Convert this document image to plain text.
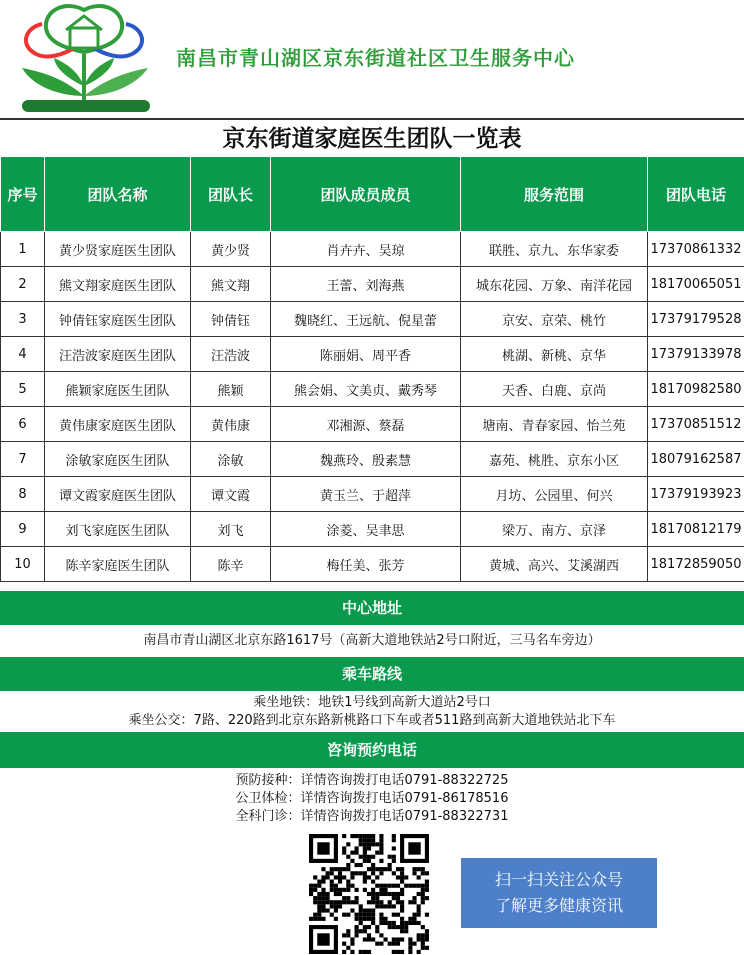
南昌市青山湖区京东街道社区卫生服务中心
京东街道家庭医生团队一览表
序号	团队名称	团队长	团队成员成员	服务范围	团队电话
1	黄少贤家庭医生团队	黄少贤	肖卉卉、吴琼	联胜、京九、东华家委	17370861332
2	熊文翔家庭医生团队	熊文翔	王蕾、刘海燕	城东花园、万象、南洋花园	18170065051
3	钟倩钰家庭医生团队	钟倩钰	魏晓红、王远航、倪星蕾	京安、京荣、桃竹	17379179528
4	汪浩波家庭医生团队	汪浩波	陈丽娟、周平香	桃湖、新桃、京华	17379133978
5	熊颖家庭医生团队	熊颖	熊会娟、文美贞、戴秀琴	天香、白鹿、京尚	18170982580
6	黄伟康家庭医生团队	黄伟康	邓湘源、蔡磊	塘南、青春家园、怡兰苑	17370851512
7	涂敏家庭医生团队	涂敏	魏燕玲、殷素慧	嘉苑、桃胜、京东小区	18079162587
8	谭文霞家庭医生团队	谭文霞	黄玉兰、于超萍	月坊、公园里、何兴	17379193923
9	刘飞家庭医生团队	刘飞	涂菱、吴聿思	梁万、南方、京泽	18170812179
10	陈辛家庭医生团队	陈辛	梅任美、张芳	黄城、高兴、艾溪湖西	18172859050
中心地址
南昌市青山湖区北京东路1617号（高新大道地铁站2号口附近，三马名车旁边）
乘车路线
乘坐地铁：地铁1号线到高新大道站2号口
乘坐公交：7路、220路到北京东路新桃路口下车或者511路到高新大道地铁站北下车
咨询预约电话
预防接种：详情咨询拨打电话0791-88322725
公卫体检：详情咨询拨打电话0791-86178516
全科门诊：详情咨询拨打电话0791-88322731
扫一扫关注公众号
了解更多健康资讯
